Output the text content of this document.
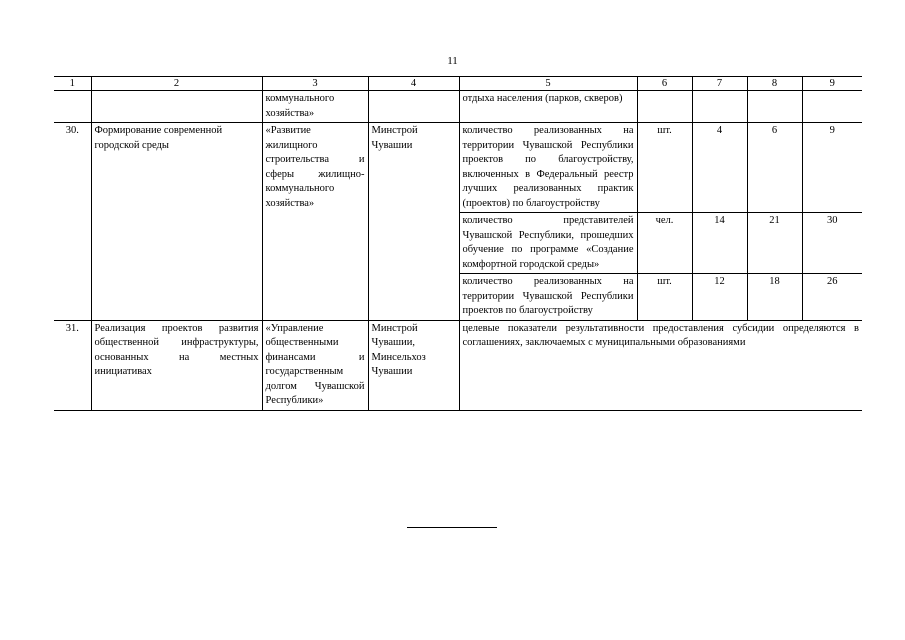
11
1	2	3	4	5	6	7	8	9
		коммунального хозяйства»		отдыха населения (парков, скверов)				
30.	Формирование современной городской среды	«Развитие жилищного строительства и сферы жилищно-коммунального хозяйства»	Минстрой Чувашии	количество реализованных на территории Чувашской Республики проектов по благоустройству, включенных в Федеральный реестр лучших реализованных практик (проектов) по благоустройству	шт.	4	6	9
				количество представителей Чувашской Республики, прошедших обучение по программе «Создание комфортной городской среды»	чел.	14	21	30
				количество реализованных на территории Чувашской Республики проектов по благоустройству	шт.	12	18	26
31.	Реализация проектов развития общественной инфраструктуры, основанных на местных инициативах	«Управление общественными финансами и государственным долгом Чувашской Республики»	Минстрой Чувашии, Минсельхоз Чувашии	целевые показатели результативности предоставления субсидии определяются в соглашениях, заключаемых с муниципальными образованиями				
